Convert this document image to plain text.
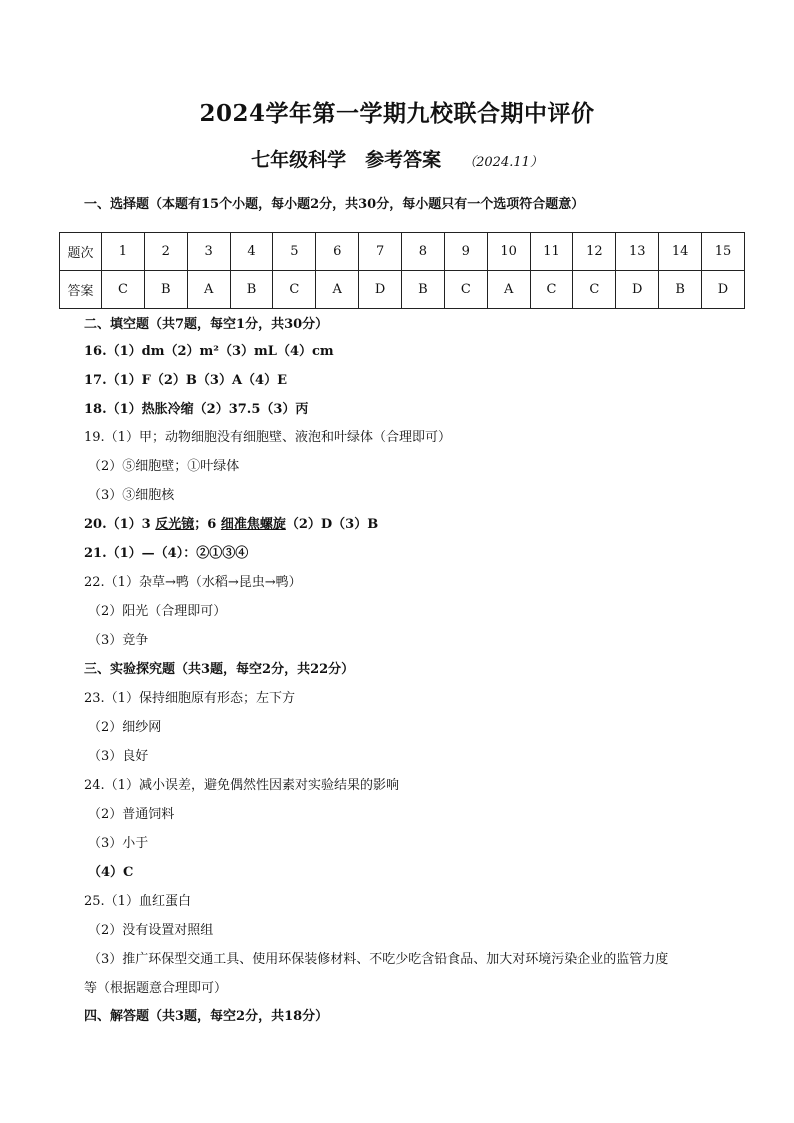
2024学年第一学期九校联合期中评价
七年级科学　参考答案 （2024.11）
一、选择题（本题有15个小题，每小题2分，共30分，每小题只有一个选项符合题意）
题次	1	2	3	4	5	6	7	8	9	10	11	12	13	14	15
答案	C	B	A	B	C	A	D	B	C	A	C	C	D	B	D
二、填空题（共7题，每空1分，共30分）
16.（1）dm（2）m²（3）mL（4）cm
17.（1）F（2）B（3）A（4）E
18.（1）热胀冷缩（2）37.5（3）丙
19.（1）甲；动物细胞没有细胞壁、液泡和叶绿体（合理即可）
（2）⑤细胞壁；①叶绿体
（3）③细胞核
20.（1）3 反光镜；6 细准焦螺旋（2）D（3）B
21.（1）—（4）：②①③④
22.（1）杂草→鸭（水稻→昆虫→鸭）
（2）阳光（合理即可）
（3）竞争
三、实验探究题（共3题，每空2分，共22分）
23.（1）保持细胞原有形态；左下方
（2）细纱网
（3）良好
24.（1）减小误差，避免偶然性因素对实验结果的影响
（2）普通饲料
（3）小于
（4）C
25.（1）血红蛋白
（2）没有设置对照组
（3）推广环保型交通工具、使用环保装修材料、不吃少吃含铅食品、加大对环境污染企业的监管力度
等（根据题意合理即可）
四、解答题（共3题，每空2分，共18分）
